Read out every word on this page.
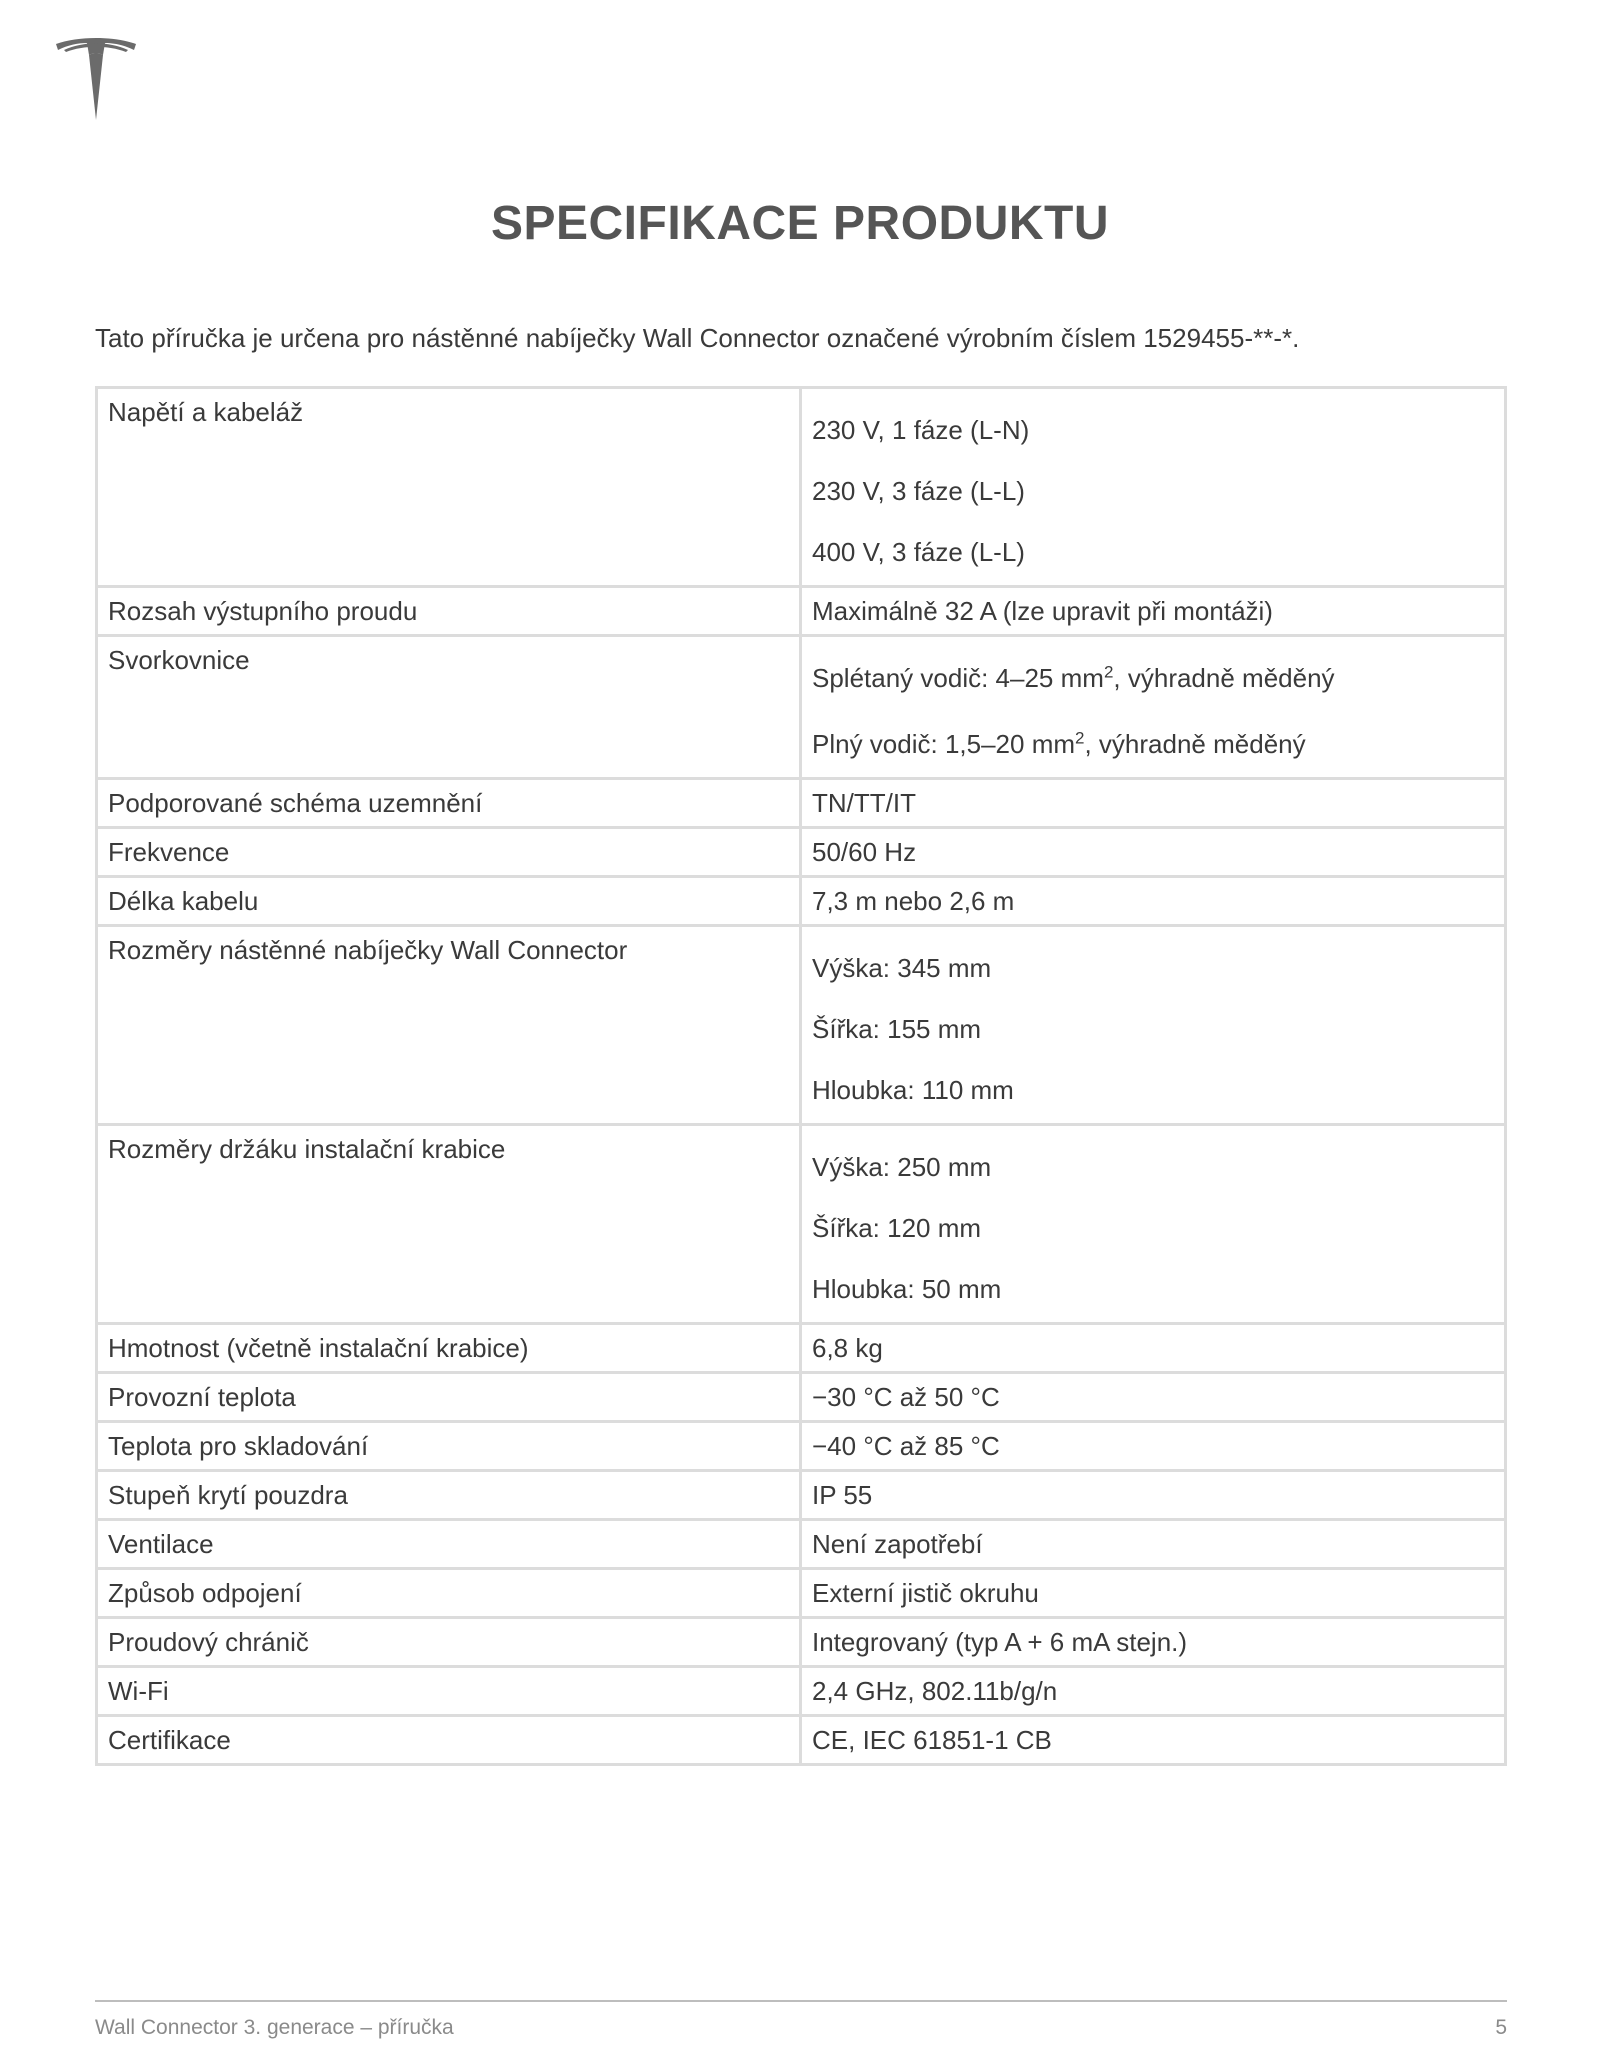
SPECIFIKACE PRODUKTU
Tato příručka je určena pro nástěnné nabíječky Wall Connector označené výrobním číslem 1529455-**-*.
Napětí a kabeláž	230 V, 1 fáze (L-N)
230 V, 3 fáze (L-L)
400 V, 3 fáze (L-L)

Rozsah výstupního proudu	Maximálně 32 A (lze upravit při montáži)
Svorkovnice	Splétaný vodič: 4–25 $mm^2$, výhradně měděný
Plný vodič: 1,5–20 $mm^2$, výhradně měděný

Podporované schéma uzemnění	TN/TT/IT
Frekvence	50/60 Hz
Délka kabelu	7,3 m nebo 2,6 m
Rozměry nástěnné nabíječky Wall Connector	Výška: 345 mm
Šířka: 155 mm
Hloubka: 110 mm

Rozměry držáku instalační krabice	Výška: 250 mm
Šířka: 120 mm
Hloubka: 50 mm

Hmotnost (včetně instalační krabice)	6,8 kg
Provozní teplota	−30 °C až 50 °C
Teplota pro skladování	−40 °C až 85 °C
Stupeň krytí pouzdra	IP 55
Ventilace	Není zapotřebí
Způsob odpojení	Externí jistič okruhu
Proudový chránič	Integrovaný (typ A + 6 mA stejn.)
Wi-Fi	2,4 GHz, 802.11b/g/n
Certifikace	CE, IEC 61851-1 CB
Wall Connector 3. generace – příručka	5
